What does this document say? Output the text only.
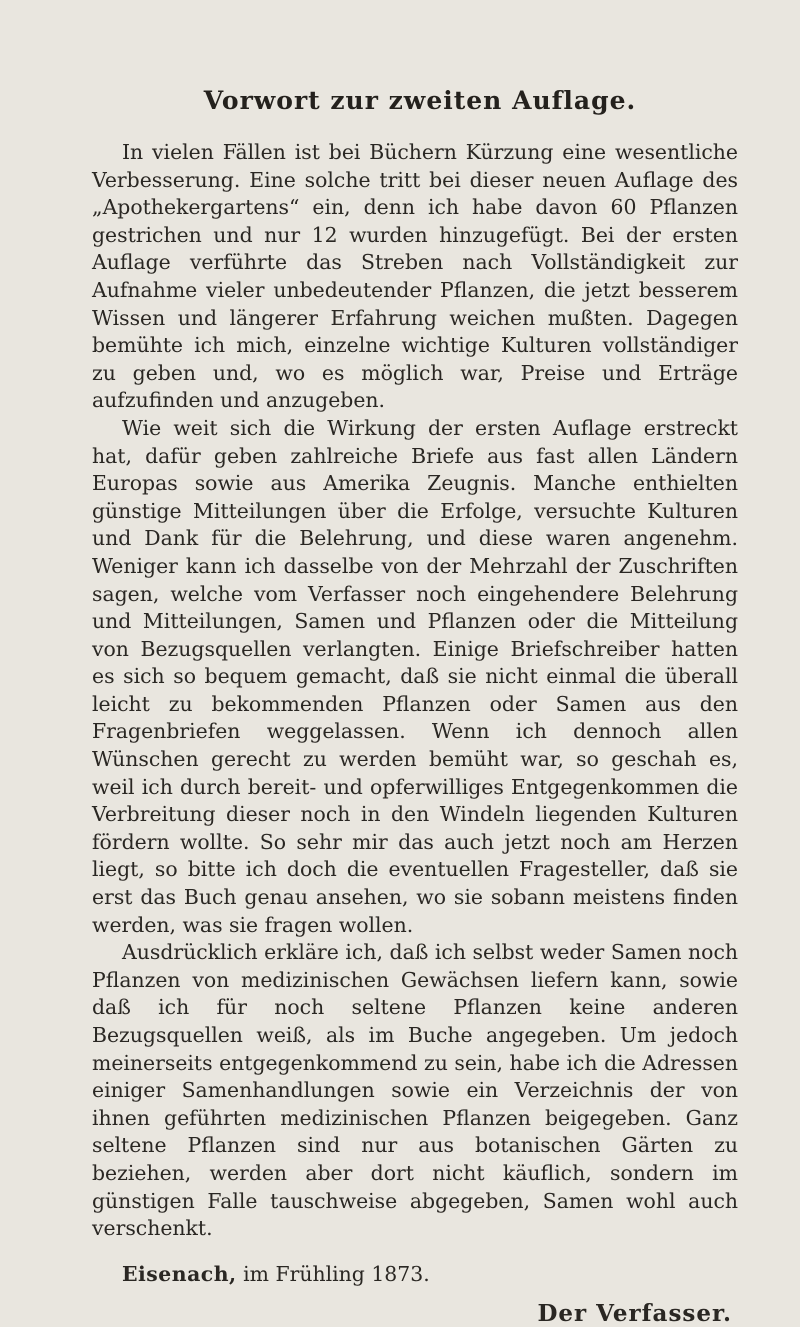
Vorwort zur zweiten Auflage.

In vielen Fällen ist bei Büchern Kürzung eine wesentliche Verbesserung. Eine solche tritt bei dieser neuen Auflage des „Apothekergartens“ ein, denn ich habe davon 60 Pflanzen gestrichen und nur 12 wurden hinzugefügt. Bei der ersten Auflage verführte das Streben nach Vollständigkeit zur Aufnahme vieler unbedeutender Pflanzen, die jetzt besserem Wissen und längerer Erfahrung weichen mußten. Dagegen bemühte ich mich, einzelne wichtige Kulturen vollständiger zu geben und, wo es möglich war, Preise und Erträge aufzufinden und anzugeben.

Wie weit sich die Wirkung der ersten Auflage erstreckt hat, dafür geben zahlreiche Briefe aus fast allen Ländern Europas sowie aus Amerika Zeugnis. Manche enthielten günstige Mitteilungen über die Erfolge, versuchte Kulturen und Dank für die Belehrung, und diese waren angenehm. Weniger kann ich dasselbe von der Mehrzahl der Zuschriften sagen, welche vom Verfasser noch eingehendere Belehrung und Mitteilungen, Samen und Pflanzen oder die Mitteilung von Bezugsquellen verlangten. Einige Briefschreiber hatten es sich so bequem gemacht, daß sie nicht einmal die überall leicht zu bekommenden Pflanzen oder Samen aus den Fragenbriefen weggelassen. Wenn ich dennoch allen Wünschen gerecht zu werden bemüht war, so geschah es, weil ich durch bereit- und opferwilliges Entgegenkommen die Verbreitung dieser noch in den Windeln liegenden Kulturen fördern wollte. So sehr mir das auch jetzt noch am Herzen liegt, so bitte ich doch die eventuellen Fragesteller, daß sie erst das Buch genau ansehen, wo sie sobann meistens finden werden, was sie fragen wollen.

Ausdrücklich erkläre ich, daß ich selbst weder Samen noch Pflanzen von medizinischen Gewächsen liefern kann, sowie daß ich für noch seltene Pflanzen keine anderen Bezugsquellen weiß, als im Buche angegeben. Um jedoch meinerseits entgegenkommend zu sein, habe ich die Adressen einiger Samenhandlungen sowie ein Verzeichnis der von ihnen geführten medizinischen Pflanzen beigegeben. Ganz seltene Pflanzen sind nur aus botanischen Gärten zu beziehen, werden aber dort nicht käuflich, sondern im günstigen Falle tauschweise abgegeben, Samen wohl auch verschenkt.

Eisenach, im Frühling 1873.
Der Verfasser.
